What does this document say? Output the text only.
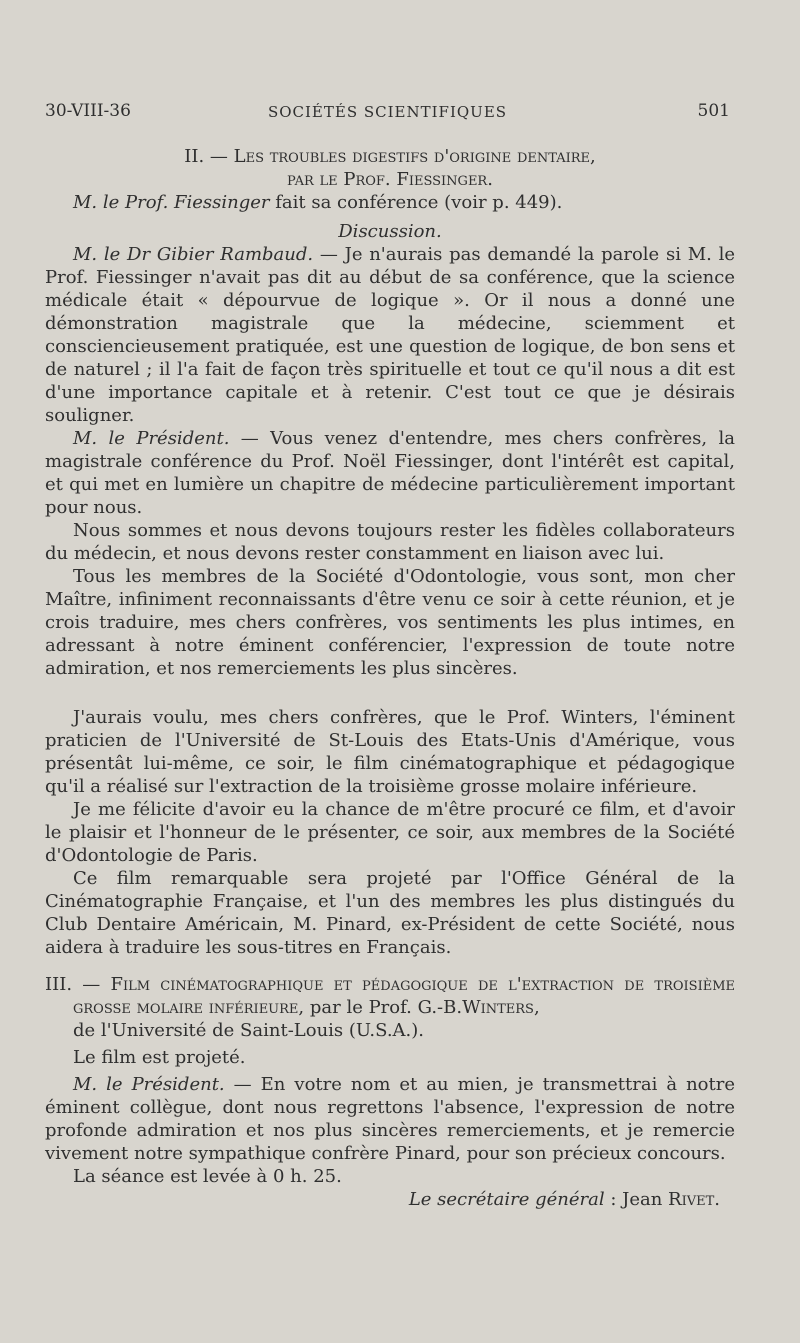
30-VIII-36	SOCIÉTÉS SCIENTIFIQUES	501

II. — Les troubles digestifs d'origine dentaire,

par le Prof. Fiessinger.

M. le Prof. Fiessinger fait sa conférence (voir p. 449).

Discussion.

M. le Dr Gibier Rambaud. — Je n'aurais pas demandé la parole si M. le Prof. Fiessinger n'avait pas dit au début de sa conférence, que la science médicale était « dépourvue de logique ». Or il nous a donné une démonstration magistrale que la médecine, sciemment et consciencieusement pratiquée, est une question de logique, de bon sens et de naturel ; il l'a fait de façon très spirituelle et tout ce qu'il nous a dit est d'une importance capitale et à retenir. C'est tout ce que je désirais souligner.

M. le Président. — Vous venez d'entendre, mes chers confrères, la magistrale conférence du Prof. Noël Fiessinger, dont l'intérêt est capital, et qui met en lumière un chapitre de médecine particulièrement important pour nous.

Nous sommes et nous devons toujours rester les fidèles collaborateurs du médecin, et nous devons rester constamment en liaison avec lui.

Tous les membres de la Société d'Odontologie, vous sont, mon cher Maître, infiniment reconnaissants d'être venu ce soir à cette réunion, et je crois traduire, mes chers confrères, vos sentiments les plus intimes, en adressant à notre éminent conférencier, l'expression de toute notre admiration, et nos remerciements les plus sincères.

J'aurais voulu, mes chers confrères, que le Prof. Winters, l'éminent praticien de l'Université de St-Louis des Etats-Unis d'Amérique, vous présentât lui-même, ce soir, le film cinématographique et pédagogique qu'il a réalisé sur l'extraction de la troisième grosse molaire inférieure.

Je me félicite d'avoir eu la chance de m'être procuré ce film, et d'avoir le plaisir et l'honneur de le présenter, ce soir, aux membres de la Société d'Odontologie de Paris.

Ce film remarquable sera projeté par l'Office Général de la Cinématographie Française, et l'un des membres les plus distingués du Club Dentaire Américain, M. Pinard, ex-Président de cette Société, nous aidera à traduire les sous-titres en Français.

III. — Film cinématographique et pédagogique de l'extraction de troisième grosse molaire inférieure, par le Prof. G.-B.Winters,

de l'Université de Saint-Louis (U.S.A.).

Le film est projeté.

M. le Président. — En votre nom et au mien, je transmettrai à notre éminent collègue, dont nous regrettons l'absence, l'expression de notre profonde admiration et nos plus sincères remerciements, et je remercie vivement notre sympathique confrère Pinard, pour son précieux concours.

La séance est levée à 0 h. 25.

Le secrétaire général : Jean Rivet.
